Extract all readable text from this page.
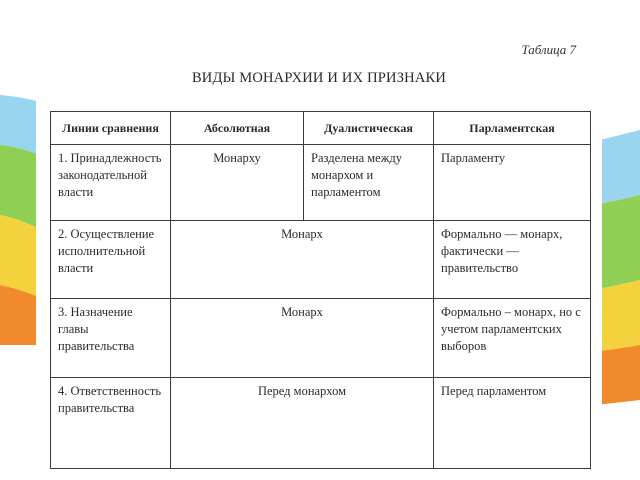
Таблица 7
ВИДЫ МОНАРХИИ И ИХ ПРИЗНАКИ
Линии сравнения	Абсолютная	Дуалистическая	Парламентская
1. Принадлежность законодательной власти	Монарху	Разделена между монархом и парламентом	Парламенту
2. Осуществление исполнительной власти	Монарх		Формально — монарх, фактически — правительство
3. Назначение главы правительства	Монарх		Формально – монарх, но с учетом парламентских выборов
4. Ответственность правительства	Перед монархом		Перед парламентом
